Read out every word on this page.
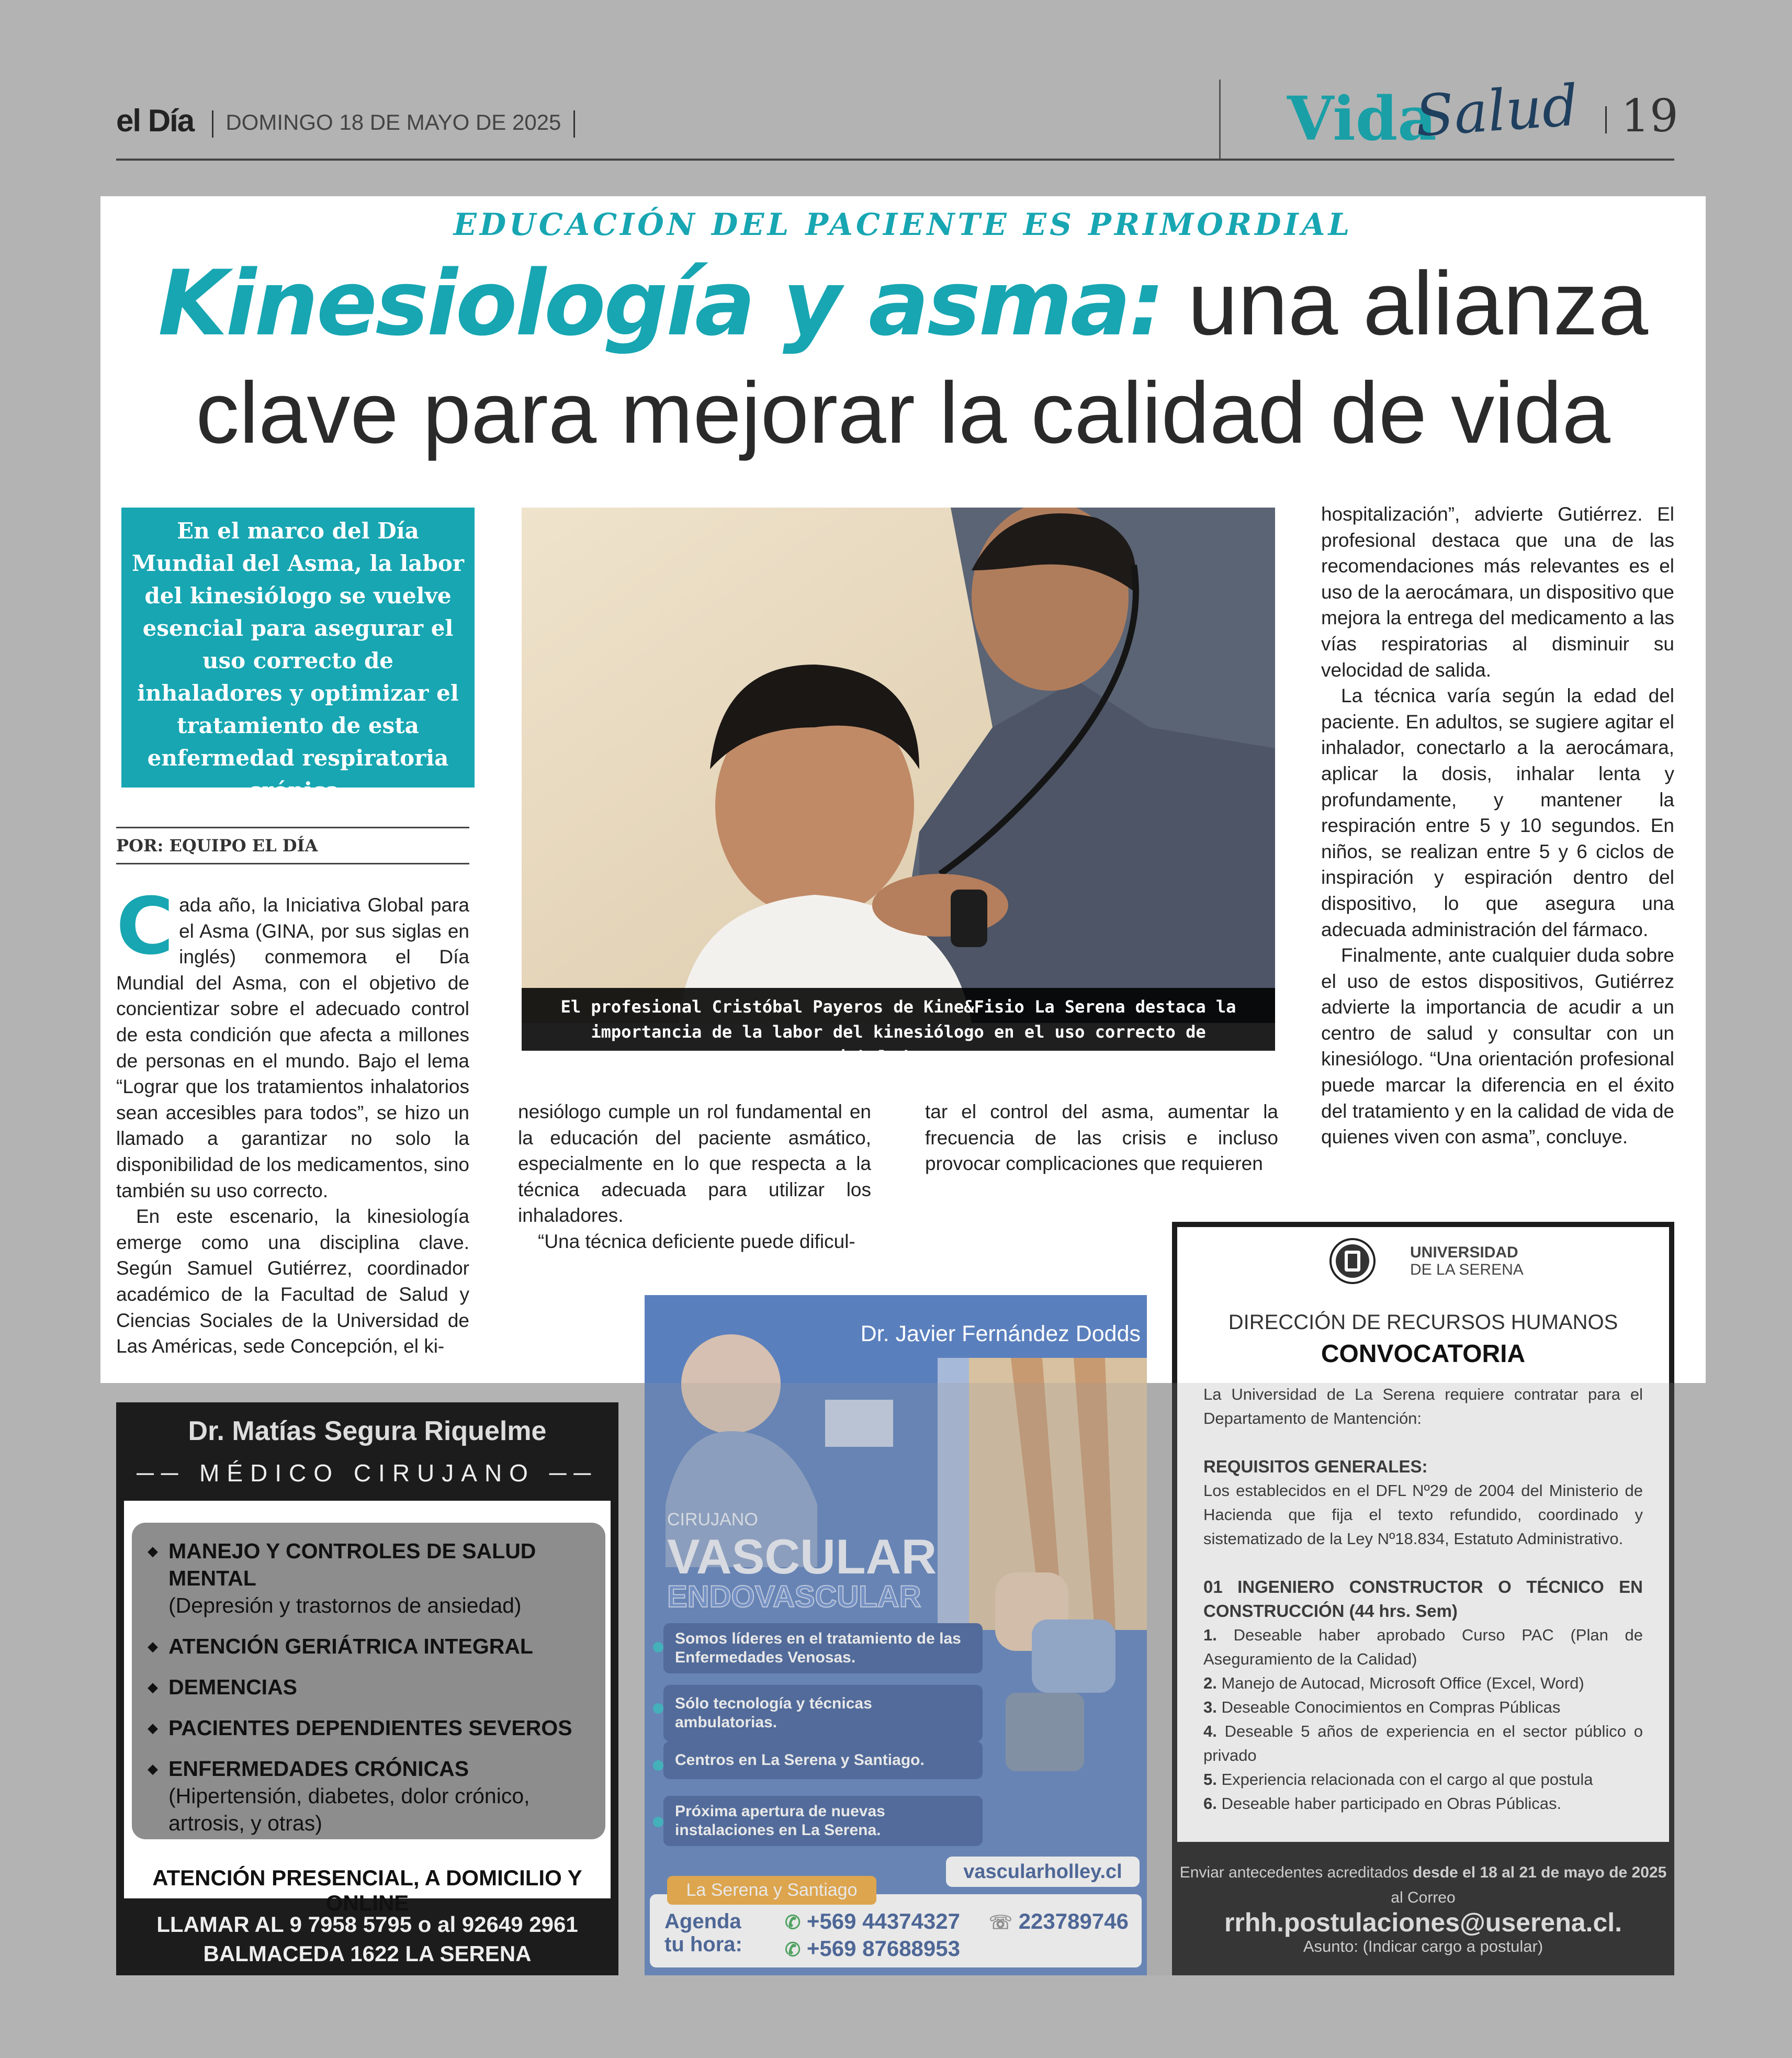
el Día	DOMINGO 18 DE MAYO DE 2025	Vida
Salud 19
EDUCACIÓN DEL PACIENTE ES PRIMORDIAL
Kinesiología y asma: una alianza
clave para mejorar la calidad de vida
En el marco del Día Mundial del Asma, la labor del kinesiólogo se vuelve esencial para asegurar el uso correcto de inhaladores y optimizar el tratamiento de esta enfermedad respiratoria crónica.
POR: EQUIPO EL DÍA

Cada año, la Iniciativa Global para el Asma (GINA, por sus siglas en inglés) conmemora el Día Mundial del Asma, con el objetivo de concientizar sobre el adecuado control de esta condición que afecta a millones de personas en el mundo. Bajo el lema “Lograr que los tratamientos inhalatorios sean accesibles para todos”, se hizo un llamado a garantizar no solo la disponibilidad de los medicamentos, sino también su uso correcto.

En este escenario, la kinesiología emerge como una disciplina clave. Según Samuel Gutiérrez, coordinador académico de la Facultad de Salud y Ciencias Sociales de la Universidad de Las Américas, sede Concepción, el ki-

El profesional Cristóbal Payeros de Kine&Fisio La Serena destaca la importancia de la labor del kinesiólogo en el uso correcto de inhaladores.

nesiólogo cumple un rol fundamental en la educación del paciente asmático, especialmente en lo que respecta a la técnica adecuada para utilizar los inhaladores.

“Una técnica deficiente puede dificul-

tar el control del asma, aumentar la frecuencia de las crisis e incluso provocar complicaciones que requieren

hospitalización”, advierte Gutiérrez. El profesional destaca que una de las recomendaciones más relevantes es el uso de la aerocámara, un dispositivo que mejora la entrega del medicamento a las vías respiratorias al disminuir su velocidad de salida.

La técnica varía según la edad del paciente. En adultos, se sugiere agitar el inhalador, conectarlo a la aerocámara, aplicar la dosis, inhalar lenta y profundamente, y mantener la respiración entre 5 y 10 segundos. En niños, se realizan entre 5 y 6 ciclos de inspiración y espiración dentro del dispositivo, lo que asegura una adecuada administración del fármaco.

Finalmente, ante cualquier duda sobre el uso de estos dispositivos, Gutiérrez advierte la importancia de acudir a un centro de salud y consultar con un kinesiólogo. “Una orientación profesional puede marcar la diferencia en el éxito del tratamiento y en la calidad de vida de quienes viven con asma”, concluye.

Dr. Matías Segura Riquelme
── MÉDICO CIRUJANO ──
◆ MANEJO Y CONTROLES DE SALUD MENTAL
(Depresión y trastornos de ansiedad)
◆ ATENCIÓN GERIÁTRICA INTEGRAL
◆ DEMENCIAS
◆ PACIENTES DEPENDIENTES SEVEROS
◆ ENFERMEDADES CRÓNICAS
(Hipertensión, diabetes, dolor crónico, artrosis, y otras)
ATENCIÓN PRESENCIAL, A DOMICILIO Y ONLINE
LLAMAR AL 9 7958 5795 o al 92649 2961
BALMACEDA 1622 LA SERENA
Dr. Javier Fernández Dodds
CIRUJANO
VASCULAR
ENDOVASCULAR
Somos líderes en el tratamiento de las Enfermedades Venosas.
Sólo tecnología y técnicas ambulatorias.
Centros en La Serena y Santiago.
Próxima apertura de nuevas instalaciones en La Serena.
vascularholley.cl
La Serena y Santiago
Agenda
tu hora:
✆ +569 44374327
✆ +569 87688953
☏ 223789746
UNIVERSIDAD
DE LA SERENA
DIRECCIÓN DE RECURSOS HUMANOS
CONVOCATORIA

La Universidad de La Serena requiere contratar para el Departamento de Mantención:

REQUISITOS GENERALES:

Los establecidos en el DFL Nº29 de 2004 del Ministerio de Hacienda que fija el texto refundido, coordinado y sistematizado de la Ley Nº18.834, Estatuto Administrativo.

01 INGENIERO CONSTRUCTOR O TÉCNICO EN CONSTRUCCIÓN (44 hrs. Sem)

1. Deseable haber aprobado Curso PAC (Plan de Aseguramiento de la Calidad)

2. Manejo de Autocad, Microsoft Office (Excel, Word)

3. Deseable Conocimientos en Compras Públicas

4. Deseable 5 años de experiencia en el sector público o privado

5. Experiencia relacionada con el cargo al que postula

6. Deseable haber participado en Obras Públicas.

Enviar antecedentes acreditados desde el 18 al 21 de mayo de 2025 al Correo
rrhh.postulaciones@userena.cl.
Asunto: (Indicar cargo a postular)
